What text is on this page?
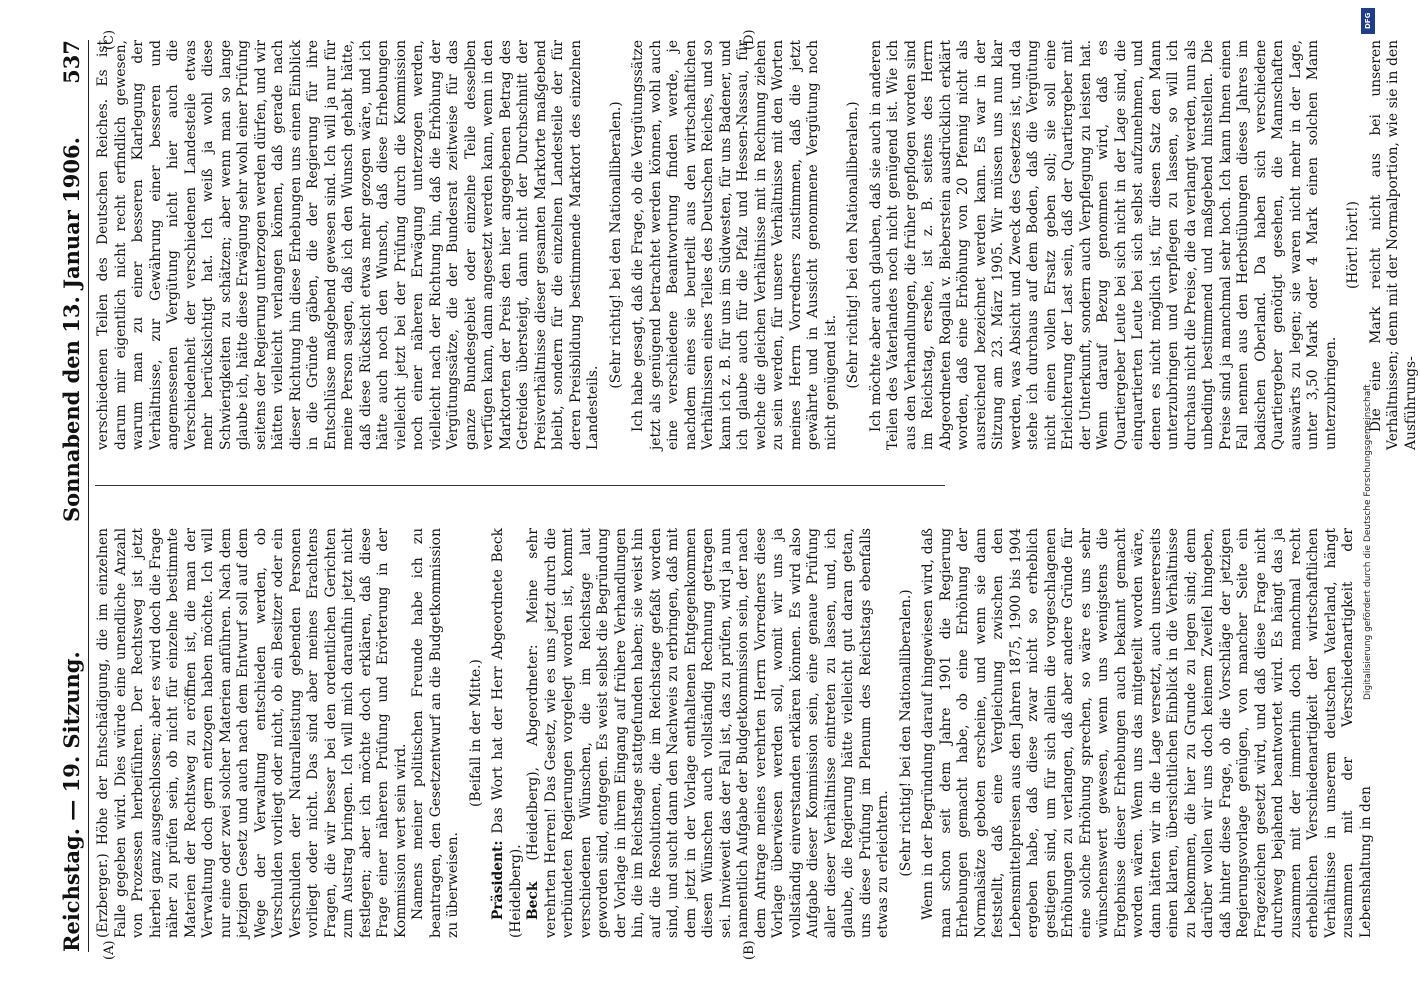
Reichstag. — 19. Sitzung.
Sonnabend den 13. Januar 1906.
537
(A)	(B)
(C)	(D)

(Erzberger.) Höhe der Entschädigung, die im einzelnen Falle gegeben wird. Dies würde eine unendliche Anzahl von Prozessen herbeiführen. Der Rechtsweg ist jetzt hierbei ganz ausgeschlossen; aber es wird doch die Frage näher zu prüfen sein, ob nicht für einzelne bestimmte Materien der Rechtsweg zu eröffnen ist, die man der Verwaltung doch gern entzogen haben möchte. Ich will nur eine oder zwei solcher Materien anführen. Nach dem jetzigen Gesetz und auch nach dem Entwurf soll auf dem Wege der Verwaltung entschieden werden, ob Verschulden vorliegt oder nicht, ob ein Besitzer oder ein Verschulden der Naturalleistung gebenden Personen vorliegt oder nicht. Das sind aber meines Erachtens Fragen, die wir besser bei den ordentlichen Gerichten zum Austrag bringen. Ich will mich daraufhin jetzt nicht festlegen; aber ich möchte doch erklären, daß diese Frage einer näheren Prüfung und Erörterung in der Kommission wert sein wird. Namens meiner politischen Freunde habe ich zu beantragen, den Gesetzentwurf an die Budgetkommission zu überweisen.

(Beifall in der Mitte.)

Präsident: Das Wort hat der Herr Abgeordnete Beck (Heidelberg). Beck (Heidelberg), Abgeordneter: Meine sehr verehrten Herren! Das Gesetz, wie es uns jetzt durch die verbündeten Regierungen vorgelegt worden ist, kommt verschiedenen Wünschen, die im Reichstage laut geworden sind, entgegen. Es weist selbst die Begründung der Vorlage in ihrem Eingang auf frühere Verhandlungen hin, die im Reichstage stattgefunden haben; sie weist hin auf die Resolutionen, die im Reichstage gefaßt worden sind, und sucht dann den Nachweis zu erbringen, daß mit dem jetzt in der Vorlage enthaltenen Entgegenkommen diesen Wünschen auch vollständig Rechnung getragen sei. Inwieweit das der Fall ist, das zu prüfen, wird ja nun namentlich Aufgabe der Budgetkommission sein, der nach dem Antrage meines verehrten Herrn Vorredners diese Vorlage überwiesen werden soll, womit wir uns ja vollständig einverstanden erklären können. Es wird also Aufgabe dieser Kommission sein, eine genaue Prüfung aller dieser Verhältnisse eintreten zu lassen, und, ich glaube, die Regierung hätte vielleicht gut daran getan, uns diese Prüfung im Plenum des Reichstags ebenfalls etwas zu erleichtern. (Sehr richtig! bei den Nationalliberalen.) Wenn in der Begründung darauf hingewiesen wird, daß man schon seit dem Jahre 1901 die Regierung Erhebungen gemacht habe, ob eine Erhöhung der Normalsätze geboten erscheine, und wenn sie dann feststellt, daß eine Vergleichung zwischen den Lebensmittelpreisen aus den Jahren 1875, 1900 bis 1904 ergeben habe, daß diese zwar nicht so erheblich gestiegen sind, um für sich allein die vorgeschlagenen Erhöhungen zu verlangen, daß aber andere Gründe für eine solche Erhöhung sprechen, so wäre es uns sehr wünschenswert gewesen, wenn uns wenigstens die Ergebnisse dieser Erhebungen auch bekannt gemacht worden wären. Wenn uns das mitgeteilt worden wäre, dann hätten wir in die Lage versetzt, auch unsererseits einen klaren, übersichtlichen Einblick in die Verhältnisse zu bekommen, die hier zu Grunde zu legen sind; denn darüber wollen wir uns doch keinem Zweifel hingeben, daß hinter diese Frage, ob die Vorschläge der jetzigen Regierungsvorlage genügen, von mancher Seite ein Fragezeichen gesetzt wird, und daß diese Frage nicht durchweg bejahend beantwortet wird. Es hängt das ja zusammen mit der immerhin doch manchmal recht erheblichen Verschiedenartigkeit der wirtschaftlichen Verhältnisse in unserem deutschen Vaterland, hängt zusammen mit der Verschiedenartigkeit der Lebenshaltung in den

verschiedenen Teilen des Deutschen Reiches. Es ist darum mir eigentlich nicht recht erfindlich gewesen, warum man zu einer besseren Klarlegung der Verhältnisse, zur Gewährung einer besseren und angemessenen Vergütung nicht hier auch die Verschiedenheit der verschiedenen Landesteile etwas mehr berücksichtigt hat. Ich weiß ja wohl diese Schwierigkeiten zu schätzen; aber wenn man so lange glaube ich, hätte diese Erwägung sehr wohl einer Prüfung seitens der Regierung unterzogen werden dürfen, und wir hätten vielleicht verlangen können, daß gerade nach dieser Richtung hin diese Erhebungen uns einen Einblick in die Gründe gäben, die der Regierung für ihre Entschlüsse maßgebend gewesen sind. Ich will ja nur für meine Person sagen, daß ich den Wunsch gehabt hätte, daß diese Rücksicht etwas mehr gezogen wäre, und ich hätte auch noch den Wunsch, daß diese Erhebungen vielleicht jetzt bei der Prüfung durch die Kommission noch einer näheren Erwägung unterzogen werden, vielleicht nach der Richtung hin, daß die Erhöhung der Vergütungssätze, die der Bundesrat zeitweise für das ganze Bundesgebiet oder einzelne Teile desselben verfügen kann, dann angesetzt werden kann, wenn in den Marktorten der Preis den hier angegebenen Betrag des Getreides übersteigt, dann nicht der Durchschnitt der Preisverhältnisse dieser gesamten Marktorte maßgebend bleibt, sondern für die einzelnen Landesteile der für deren Preisbildung bestimmende Marktort des einzelnen Landesteils.

(Sehr richtig! bei den Nationalliberalen.) Ich habe gesagt, daß die Frage, ob die Vergütungssätze jetzt als genügend betrachtet werden können, wohl auch eine verschiedene Beantwortung finden werde, je nachdem eines sie beurteilt aus den wirtschaftlichen Verhältnissen eines Teiles des Deutschen Reiches, und so kann ich z. B. für uns im Südwesten, für uns Badener, und ich glaube auch für die Pfalz und Hessen-Nassau, für welche die gleichen Verhältnisse mit in Rechnung ziehen zu sein werden, für unsere Verhältnisse mit den Worten meines Herrn Vorredners zustimmen, daß die jetzt gewährte und in Aussicht genommene Vergütung noch nicht genügend ist. (Sehr richtig! bei den Nationalliberalen.) Ich möchte aber auch glauben, daß sie auch in anderen Teilen des Vaterlandes noch nicht genügend ist. Wie ich aus den Verhandlungen, die früher gepflogen worden sind im Reichstag, ersehe, ist z. B. seitens des Herrn Abgeordneten Rogalla v. Bieberstein ausdrücklich erklärt worden, daß eine Erhöhung von 20 Pfennig nicht als ausreichend bezeichnet werden kann. Es war in der Sitzung am 23. März 1905. Wir müssen uns nun klar werden, was Absicht und Zweck des Gesetzes ist, und da stehe ich durchaus auf dem Boden, daß die Vergütung nicht einen vollen Ersatz geben soll; sie soll eine Erleichterung der Last sein, daß der Quartiergeber mit der Unterkunft, sondern auch Verpflegung zu leisten hat. Wenn darauf Bezug genommen wird, daß es Quartiergeber Leute bei sich nicht in der Lage sind, die einquartierten Leute bei sich selbst aufzunehmen, und denen es nicht möglich ist, für diesen Satz den Mann unterzubringen und verpflegen zu lassen, so will ich durchaus nicht die Preise, die da verlangt werden, nun als unbedingt bestimmend und maßgebend hinstellen. Die Preise sind ja manchmal sehr hoch. Ich kann Ihnen einen Fall nennen aus den Herbstübungen dieses Jahres im badischen Oberland. Da haben sich verschiedene Quartiergeber genötigt gesehen, die Mannschaften auswärts zu legen; sie waren nicht mehr in der Lage, unter 3,50 Mark oder 4 Mark einen solchen Mann unterzubringen.

(Hört! hört!) Die eine Mark reicht nicht aus bei unseren Verhältnissen; denn mit der Normalportion, wie sie in den Ausführungs-

DFG
Digitalisierung gefördert durch die Deutsche Forschungsgemeinschaft
